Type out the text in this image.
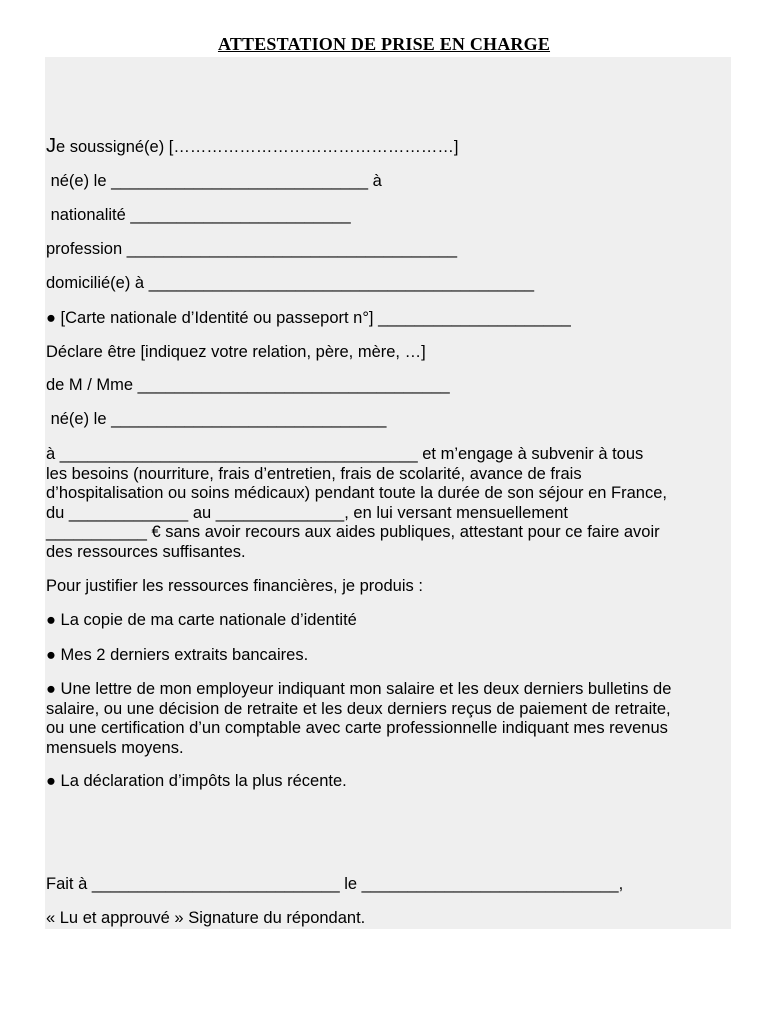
ATTESTATION DE PRISE EN CHARGE
Je soussigné(e) [……………………………………………]
né(e) le ____________________________ à
nationalité ________________________
profession ____________________________________
domicilié(e) à __________________________________________
● [Carte nationale d’Identité ou passeport n°] _____________________
Déclare être [indiquez votre relation, père, mère, …]
de M / Mme __________________________________
né(e) le ______________________________
à _______________________________________ et m’engage à subvenir à tous
les besoins (nourriture, frais d’entretien, frais de scolarité, avance de frais
d’hospitalisation ou soins médicaux) pendant toute la durée de son séjour en France,
du _____________ au ______________, en lui versant mensuellement
___________ € sans avoir recours aux aides publiques, attestant pour ce faire avoir
des ressources suffisantes.
Pour justifier les ressources financières, je produis :
● La copie de ma carte nationale d’identité
● Mes 2 derniers extraits bancaires.
● Une lettre de mon employeur indiquant mon salaire et les deux derniers bulletins de
salaire, ou une décision de retraite et les deux derniers reçus de paiement de retraite,
ou une certification d’un comptable avec carte professionnelle indiquant mes revenus
mensuels moyens.
● La déclaration d’impôts la plus récente.
Fait à ___________________________ le ____________________________,
« Lu et approuvé » Signature du répondant.
